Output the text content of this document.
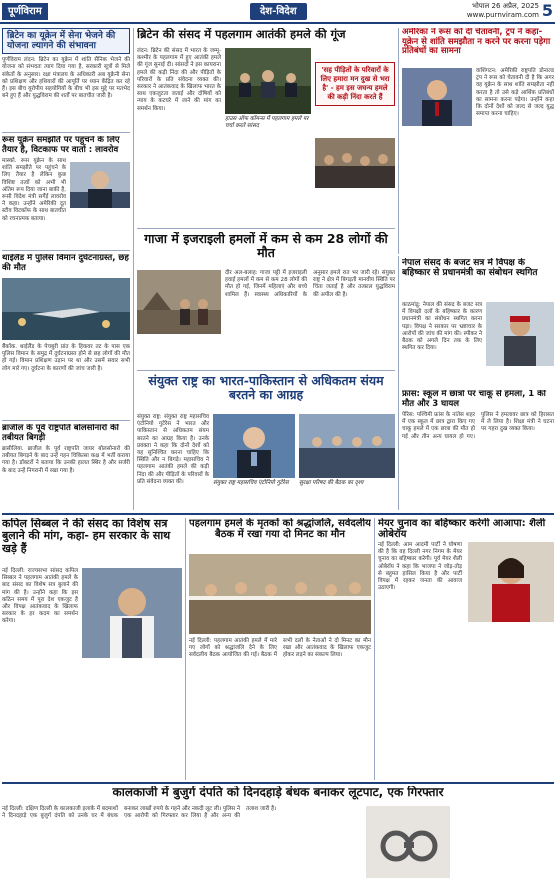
पूर्णविराम	देश-विदेश	भोपाल 26 अप्रैल, 2025
www.purnviram.com 5
ब्रिटेन का यूक्रेन में सेना भेजने की योजना ल्यागने की संभावना
पूर्णविराम लंदन: ब्रिटेन का यूक्रेन में शांति सैनिक भेजने की योजना को संभवतः त्याग दिया गया है, सरकारी सूत्रों से मिले संकेतों के अनुसार। रक्षा मंत्रालय के अधिकारी अब यूक्रेनी सेना को प्रशिक्षण और हथियारों की आपूर्ति पर ध्यान केंद्रित कर रहे हैं। इस बीच यूरोपीय सहयोगियों के बीच भी इस मुद्दे पर मतभेद बने हुए हैं और युद्धविराम की शर्तों पर बातचीत जारी है।
रूस यूक्रेन समझौते पर पहुंचने के लिए तैयार है, विटकाफ पर वार्ता : लावरोव
मास्को. रूस यूक्रेन के साथ शांति समझौते पर पहुंचने के लिए तैयार है लेकिन कुछ विशिष्ट तत्वों को अभी भी अंतिम रूप दिया जाना बाकी है, रूसी विदेश मंत्री सर्गेई लावरोव ने कहा। उन्होंने अमेरिकी दूत स्टीव विटकॉफ के साथ बातचीत को रचनात्मक बताया।
थाईलैंड में पुलिस विमान दुर्घटनाग्रस्त, छह की मौत
बैंकॉक. थाईलैंड के पेचबुरी प्रांत के हिकवर तट के पास एक पुलिस विमान के समुद्र में दुर्घटनाग्रस्त होने से छह लोगों की मौत हो गई। विमान प्रशिक्षण उड़ान पर था और उसमें सवार सभी लोग मारे गए। दुर्घटना के कारणों की जांच जारी है।
ब्राजील के पूर्व राष्ट्रपति बोलसोनारो की तबीयत बिगड़ी
ब्रासीलिया. ब्राजील के पूर्व राष्ट्रपति जायर बोलसोनारो की तबीयत बिगड़ने के बाद उन्हें गहन चिकित्सा कक्ष में भर्ती कराया गया है। डॉक्टरों ने बताया कि उनकी हालत स्थिर है और सर्जरी के बाद उन्हें निगरानी में रखा गया है।
ब्रिटेन की संसद में पहलगाम आतंकी हमले की गूंज
लंदन: ब्रिटेन की संसद में भारत के जम्मू-कश्मीर के पहलगाम में हुए आतंकी हमले की गूंज सुनाई दी। सांसदों ने इस कायराना हमले की कड़ी निंदा की और पीड़ितों के परिवारों के प्रति संवेदना व्यक्त की। सरकार ने आतंकवाद के खिलाफ भारत के साथ एकजुटता जताई और दोषियों को न्याय के कटघरे में लाने की मांग का समर्थन किया।
हाउस ऑफ कॉमन्स में पहलगाम हमले पर चर्चा करते सांसद
'सह पीड़ितों के परिवारों के लिए हमारा मन दुख से भरा है' - हम इस जघन्य हमले की कड़ी निंदा करते हैं
अमेरिका ने रूस को दी चेतावनी, ट्रंप ने कहा-यूक्रेन से शांति समझौता न करने पर करना पड़ेगा प्रतिबंधों का सामना
वाशिंगटन: अमेरिकी राष्ट्रपति डोनाल्ड ट्रंप ने रूस को चेतावनी दी है कि अगर वह यूक्रेन के साथ शांति समझौता नहीं करता है तो उसे कड़े आर्थिक प्रतिबंधों का सामना करना पड़ेगा। उन्होंने कहा कि दोनों देशों को जल्द से जल्द युद्ध समाप्त करना चाहिए।
गाजा में इजराइली हमलों में कम से कम 28 लोगों की मौत
दीर अल-बलाह: गाजा पट्टी में इजराइली हवाई हमलों में कम से कम 28 लोगों की मौत हो गई, जिनमें महिलाएं और बच्चे शामिल हैं। स्वास्थ्य अधिकारियों के अनुसार हमले रात भर जारी रहे। संयुक्त राष्ट्र ने क्षेत्र में बिगड़ती मानवीय स्थिति पर चिंता जताई है और तत्काल युद्धविराम की अपील की है।
नेपाल संसद के बजट सत्र में विपक्ष के बहिष्कार से प्रधानमंत्री का संबोधन स्थगित
काठमांडू: नेपाल की संसद के बजट सत्र में विपक्षी दलों के बहिष्कार के कारण प्रधानमंत्री का संबोधन स्थगित करना पड़ा। विपक्ष ने सरकार पर भ्रष्टाचार के आरोपों की जांच की मांग की। स्पीकर ने बैठक को अगले दिन तक के लिए स्थगित कर दिया।
संयुक्त राष्ट्र का भारत-पाकिस्तान से अधिकतम संयम बरतने का आग्रह
संयुक्त राष्ट्र: संयुक्त राष्ट्र महासचिव एंटोनियो गुटेरेस ने भारत और पाकिस्तान से अधिकतम संयम बरतने का आग्रह किया है। उनके प्रवक्ता ने कहा कि दोनों देशों को यह सुनिश्चित करना चाहिए कि स्थिति और न बिगड़े। महासचिव ने पहलगाम आतंकी हमले की कड़ी निंदा की और पीड़ितों के परिवारों के प्रति संवेदना व्यक्त की।	संयुक्त राष्ट्र महासचिव एंटोनियो गुटेरेस	सुरक्षा परिषद की बैठक का दृश्य
फ्रांस: स्कूल में छात्रों पर चाकू से हमला, 1 की मौत और 3 घायल
पेरिस: पश्चिमी फ्रांस के नांतेस शहर में एक स्कूल में छात्र द्वारा किए गए चाकू हमले में एक छात्रा की मौत हो गई और तीन अन्य घायल हो गए। पुलिस ने हमलावर छात्र को हिरासत में ले लिया है। शिक्षा मंत्री ने घटना पर गहरा दुख व्यक्त किया।
कपिल सिब्बल ने की संसद का विशेष सत्र बुलाने की मांग, कहा- हम सरकार के साथ खड़े हैं
नई दिल्ली: राज्यसभा सांसद कपिल सिब्बल ने पहलगाम आतंकी हमले के बाद संसद का विशेष सत्र बुलाने की मांग की है। उन्होंने कहा कि इस कठिन समय में पूरा देश एकजुट है और विपक्ष आतंकवाद के खिलाफ सरकार के हर कदम का समर्थन करेगा।
पहलगाम हमले के मृतकों को श्रद्धांजलि, सर्वदलीय बैठक में रखा गया दो मिनट का मौन
नई दिल्ली: पहलगाम आतंकी हमले में मारे गए लोगों को श्रद्धांजलि देने के लिए सर्वदलीय बैठक आयोजित की गई। बैठक में सभी दलों के नेताओं ने दो मिनट का मौन रखा और आतंकवाद के खिलाफ एकजुट होकर लड़ने का संकल्प लिया।
मेयर चुनाव का बहिष्कार करेगी आआपा: शैली ओबेरॉय
नई दिल्ली: आम आदमी पार्टी ने घोषणा की है कि वह दिल्ली नगर निगम के मेयर चुनाव का बहिष्कार करेगी। पूर्व मेयर शैली ओबेरॉय ने कहा कि भाजपा ने जोड़-तोड़ से बहुमत हासिल किया है और पार्टी विपक्ष में रहकर जनता की आवाज उठाएगी।
कालकाजी में बुजुर्ग दंपति को दिनदहाड़े बंधक बनाकर लूटपाट, एक गिरफ्तार
नई दिल्ली: दक्षिण दिल्ली के कालकाजी इलाके में बदमाशों ने दिनदहाड़े एक बुजुर्ग दंपति को उनके घर में बंधक बनाकर लाखों रुपये के गहने और नकदी लूट ली। पुलिस ने एक आरोपी को गिरफ्तार कर लिया है और अन्य की तलाश जारी है।
